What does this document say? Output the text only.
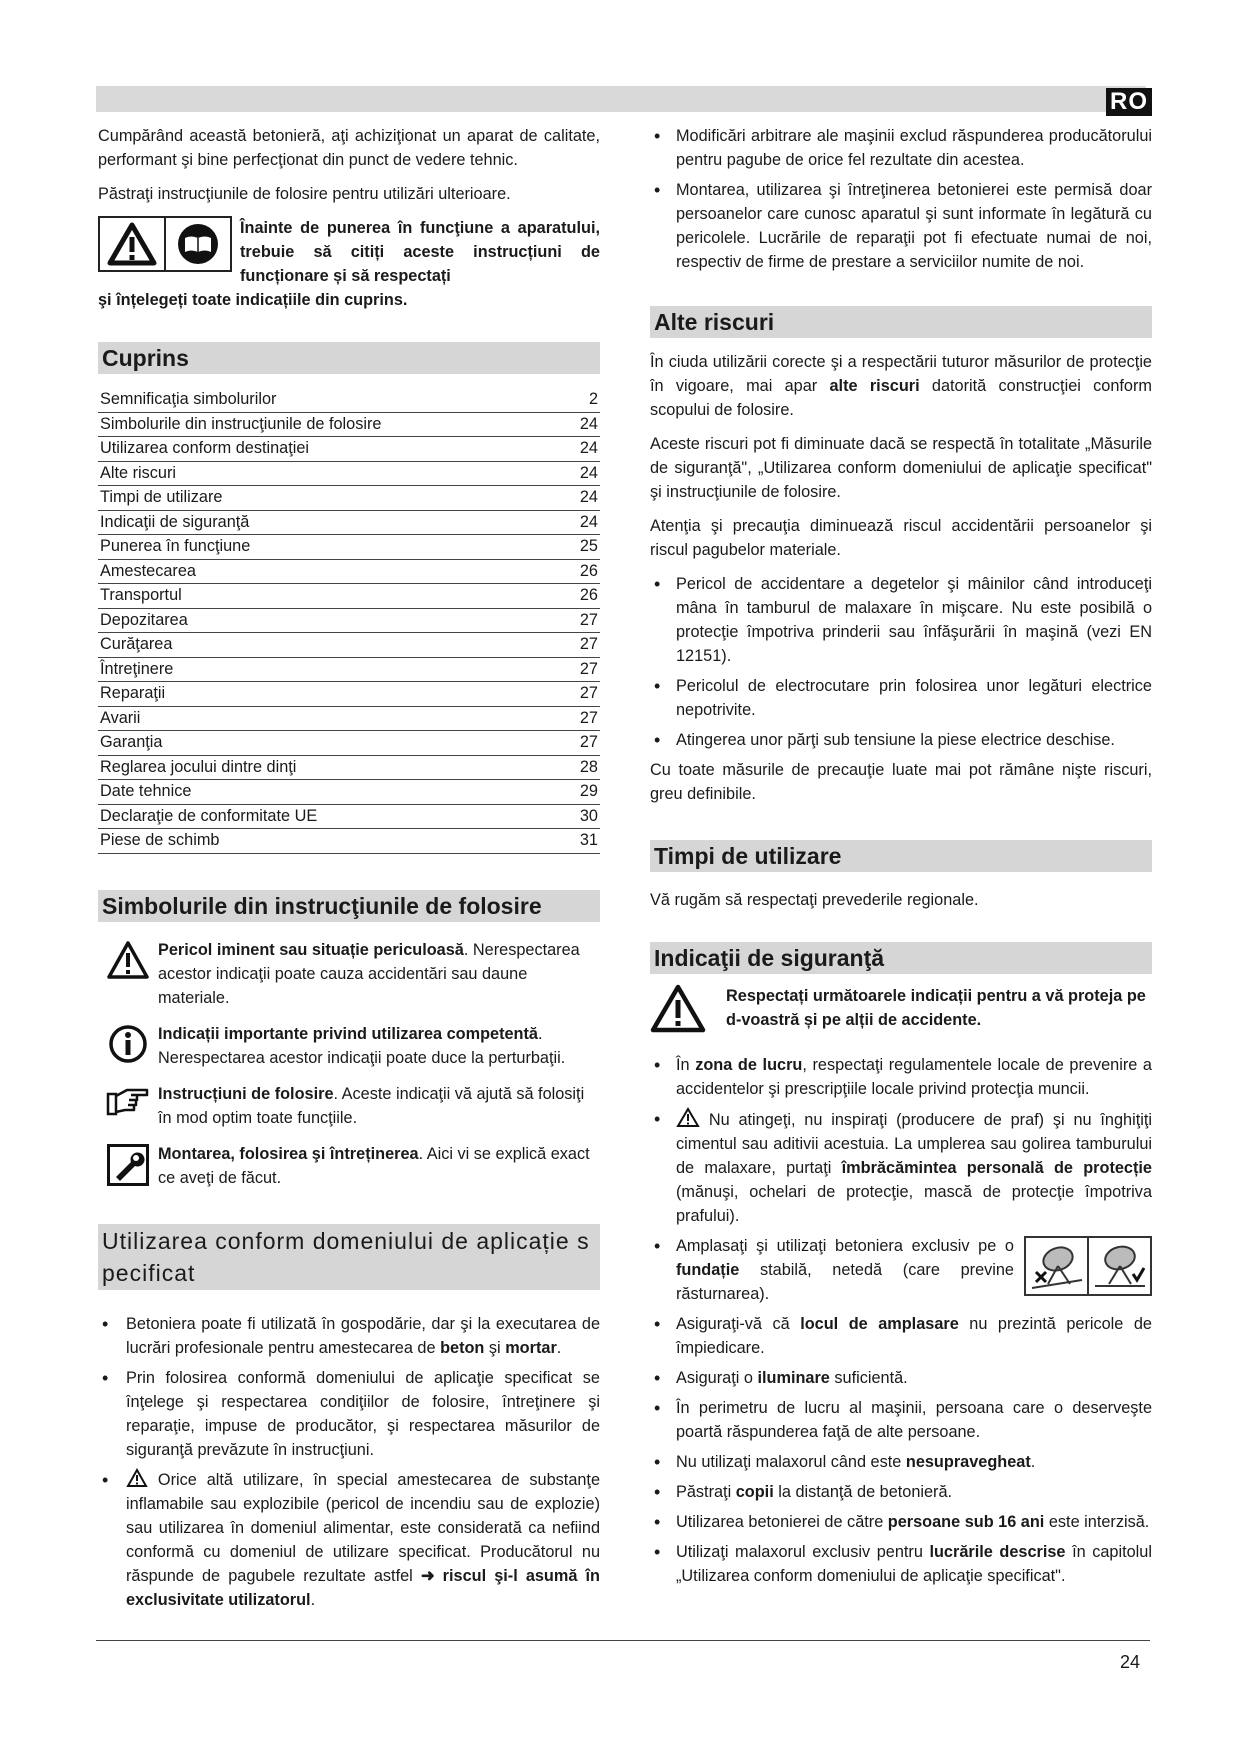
RO

Cumpărând această betonieră, aţi achiziţionat un aparat de calitate, performant şi bine perfecţionat din punct de vedere tehnic.

Păstraţi instrucţiunile de folosire pentru utilizări ulterioare.

Înainte de punerea în funcţiune a aparatului, trebuie să citiți aceste instrucțiuni de funcționare și să respectați
şi înțelegeți toate indicațiile din cuprins.
Cuprins
Semnificaţia simbolurilor	2
Simbolurile din instrucţiunile de folosire	24
Utilizarea conform destinaţiei	24
Alte riscuri	24
Timpi de utilizare	24
Indicaţii de siguranţă	24
Punerea în funcţiune	25
Amestecarea	26
Transportul	26
Depozitarea	27
Curăţarea	27
Întreţinere	27
Reparaţii	27
Avarii	27
Garanţia	27
Reglarea jocului dintre dinţi	28
Date tehnice	29
Declaraţie de conformitate UE	30
Piese de schimb	31
Simbolurile din instrucţiunile de folosire
Pericol iminent sau situație periculoasă. Nerespectarea acestor indicaţii poate cauza accidentări sau daune materiale.
Indicații importante privind utilizarea competentă. Nerespectarea acestor indicaţii poate duce la perturbaţii.
Instrucțiuni de folosire. Aceste indicaţii vă ajută să folosiţi în mod optim toate funcţiile.
Montarea, folosirea şi întreținerea. Aici vi se explică exact ce aveţi de făcut.
Utilizarea conform domeniului de aplicație s pecificat
• Betoniera poate fi utilizată în gospodărie, dar şi la executarea de lucrări profesionale pentru amestecarea de beton şi mortar.
• Prin folosirea conformă domeniului de aplicaţie specificat se înţelege şi respectarea condiţiilor de folosire, întreţinere şi reparaţie, impuse de producător, şi respectarea măsurilor de siguranţă prevăzute în instrucţiuni.
• Orice altă utilizare, în special amestecarea de substanţe inflamabile sau explozibile (pericol de incendiu sau de explozie) sau utilizarea în domeniul alimentar, este considerată ca nefiind conformă cu domeniul de utilizare specificat. Producătorul nu răspunde de pagubele rezultate astfel ➜ riscul şi-l asumă în exclusivitate utilizatorul.
• Modificări arbitrare ale maşinii exclud răspunderea producătorului pentru pagube de orice fel rezultate din acestea.
• Montarea, utilizarea şi întreţinerea betonierei este permisă doar persoanelor care cunosc aparatul şi sunt informate în legătură cu pericolele. Lucrările de reparaţii pot fi efectuate numai de noi, respectiv de firme de prestare a serviciilor numite de noi.
Alte riscuri

În ciuda utilizării corecte şi a respectării tuturor măsurilor de protecţie în vigoare, mai apar alte riscuri datorită construcţiei conform scopului de folosire.

Aceste riscuri pot fi diminuate dacă se respectă în totalitate „Măsurile de siguranţă", „Utilizarea conform domeniului de aplicaţie specificat" şi instrucţiunile de folosire.

Atenţia şi precauţia diminuează riscul accidentării persoanelor şi riscul pagubelor materiale.

• Pericol de accidentare a degetelor şi mâinilor când introduceţi mâna în tamburul de malaxare în mişcare. Nu este posibilă o protecţie împotriva prinderii sau înfăşurării în maşină (vezi EN 12151).
• Pericolul de electrocutare prin folosirea unor legături electrice nepotrivite.
• Atingerea unor părţi sub tensiune la piese electrice deschise.

Cu toate măsurile de precauţie luate mai pot rămâne nişte riscuri, greu definibile.

Timpi de utilizare

Vă rugăm să respectaţi prevederile regionale.

Indicaţii de siguranţă
Respectați următoarele indicații pentru a vă proteja pe d-voastră și pe alții de accidente.
• În zona de lucru, respectaţi regulamentele locale de prevenire a accidentelor şi prescripţiile locale privind protecţia muncii.
• Nu atingeţi, nu inspiraţi (producere de praf) şi nu înghiţiţi cimentul sau aditivii acestuia. La umplerea sau golirea tamburului de malaxare, purtaţi îmbrăcămintea personală de protecție (mănuşi, ochelari de protecţie, mască de protecţie împotriva prafului).
• Amplasaţi şi utilizaţi betoniera exclusiv pe o fundație stabilă, netedă (care previne răsturnarea).
• Asiguraţi-vă că locul de amplasare nu prezintă pericole de împiedicare.
• Asiguraţi o iluminare suficientă.
• În perimetru de lucru al maşinii, persoana care o deserveşte poartă răspunderea faţă de alte persoane.
• Nu utilizaţi malaxorul când este nesupravegheat.
• Păstraţi copii la distanţă de betonieră.
• Utilizarea betonierei de către persoane sub 16 ani este interzisă.
• Utilizaţi malaxorul exclusiv pentru lucrările descrise în capitolul „Utilizarea conform domeniului de aplicaţie specificat".
24
